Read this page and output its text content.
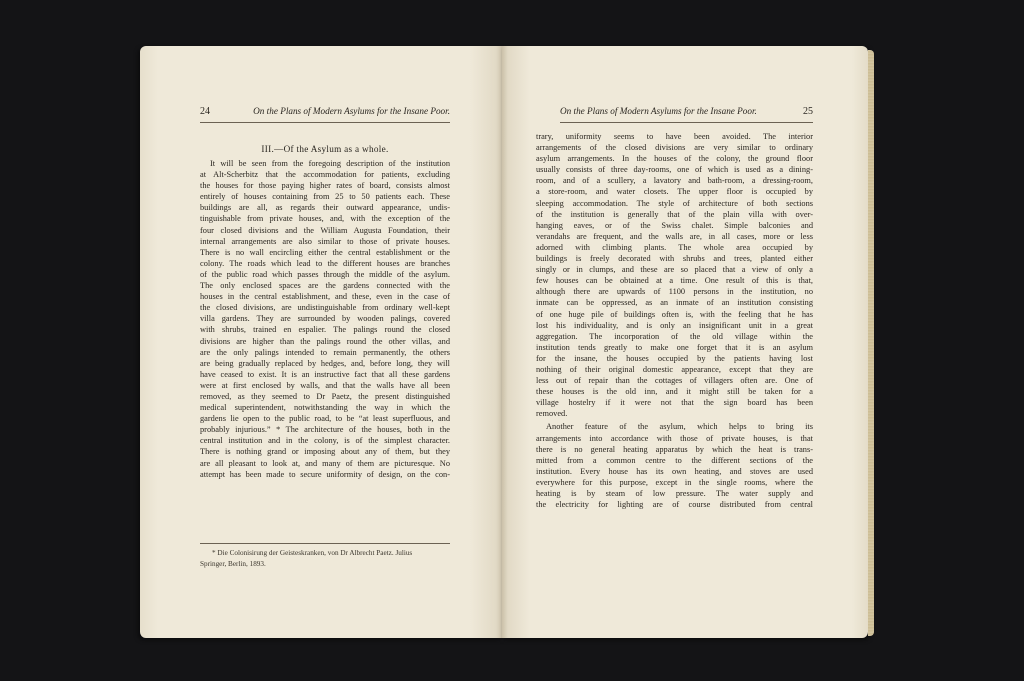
24	On the Plans of Modern Asylums for the Insane Poor.
III.—Of the Asylum as a whole.
It will be seen from the foregoing description of the institution
at Alt-Scherbitz that the accommodation for patients, excluding
the houses for those paying higher rates of board, consists almost
entirely of houses containing from 25 to 50 patients each. These
buildings are all, as regards their outward appearance, undis-
tinguishable from private houses, and, with the exception of the
four closed divisions and the William Augusta Foundation, their
internal arrangements are also similar to those of private houses.
There is no wall encircling either the central establishment or the
colony. The roads which lead to the different houses are branches
of the public road which passes through the middle of the asylum.
The only enclosed spaces are the gardens connected with the
houses in the central establishment, and these, even in the case of
the closed divisions, are undistinguishable from ordinary well-kept
villa gardens. They are surrounded by wooden palings, covered
with shrubs, trained en espalier. The palings round the closed
divisions are higher than the palings round the other villas, and
are the only palings intended to remain permanently, the others
are being gradually replaced by hedges, and, before long, they will
have ceased to exist. It is an instructive fact that all these gardens
were at first enclosed by walls, and that the walls have all been
removed, as they seemed to Dr Paetz, the present distinguished
medical superintendent, notwithstanding the way in which the
gardens lie open to the public road, to be “at least superfluous, and
probably injurious.” * The architecture of the houses, both in the
central institution and in the colony, is of the simplest character.
There is nothing grand or imposing about any of them, but they
are all pleasant to look at, and many of them are picturesque. No
attempt has been made to secure uniformity of design, on the con-
* Die Colonisirung der Geisteskranken, von Dr Albrecht Paetz. Julius
Springer, Berlin, 1893.
On the Plans of Modern Asylums for the Insane Poor.	25
trary, uniformity seems to have been avoided. The interior
arrangements of the closed divisions are very similar to ordinary
asylum arrangements. In the houses of the colony, the ground floor
usually consists of three day-rooms, one of which is used as a dining-
room, and of a scullery, a lavatory and bath-room, a dressing-room,
a store-room, and water closets. The upper floor is occupied by
sleeping accommodation. The style of architecture of both sections
of the institution is generally that of the plain villa with over-
hanging eaves, or of the Swiss chalet. Simple balconies and
verandahs are frequent, and the walls are, in all cases, more or less
adorned with climbing plants. The whole area occupied by
buildings is freely decorated with shrubs and trees, planted either
singly or in clumps, and these are so placed that a view of only a
few houses can be obtained at a time. One result of this is that,
although there are upwards of 1100 persons in the institution, no
inmate can be oppressed, as an inmate of an institution consisting
of one huge pile of buildings often is, with the feeling that he has
lost his individuality, and is only an insignificant unit in a great
aggregation. The incorporation of the old village within the
institution tends greatly to make one forget that it is an asylum
for the insane, the houses occupied by the patients having lost
nothing of their original domestic appearance, except that they are
less out of repair than the cottages of villagers often are. One of
these houses is the old inn, and it might still be taken for a
village hostelry if it were not that the sign board has been
removed.
Another feature of the asylum, which helps to bring its
arrangements into accordance with those of private houses, is that
there is no general heating apparatus by which the heat is trans-
mitted from a common centre to the different sections of the
institution. Every house has its own heating, and stoves are used
everywhere for this purpose, except in the single rooms, where the
heating is by steam of low pressure. The water supply and
the electricity for lighting are of course distributed from central
